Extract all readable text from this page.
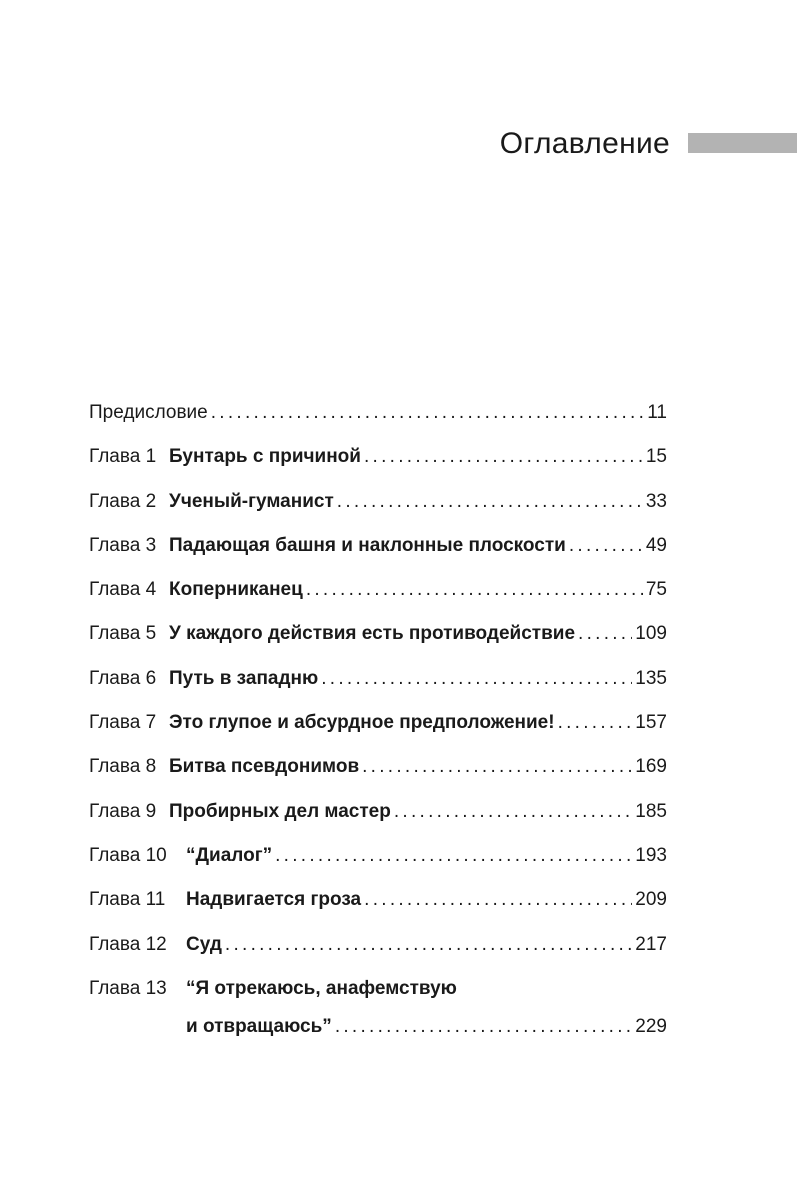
Оглавление
Предисловие . . .	11
Глава 1 Бунтарь с причиной . . .	15
Глава 2 Ученый-гуманист . . .	33
Глава 3 Падающая башня и наклонные плоскости . . .	49
Глава 4 Коперниканец . . .	75
Глава 5 У каждого действия есть противодействие . . .	109
Глава 6 Путь в западню . . .	135
Глава 7 Это глупое и абсурдное предположение! . . .	157
Глава 8 Битва псевдонимов . . .	169
Глава 9 Пробирных дел мастер . . .	185
Глава 10	“Диалог” . . .	193
Глава 11	Надвигается гроза . . .	209
Глава 12	Суд . . .	217
Глава 13	“Я отрекаюсь, анафемствую
и отвращаюсь” . . .	229
